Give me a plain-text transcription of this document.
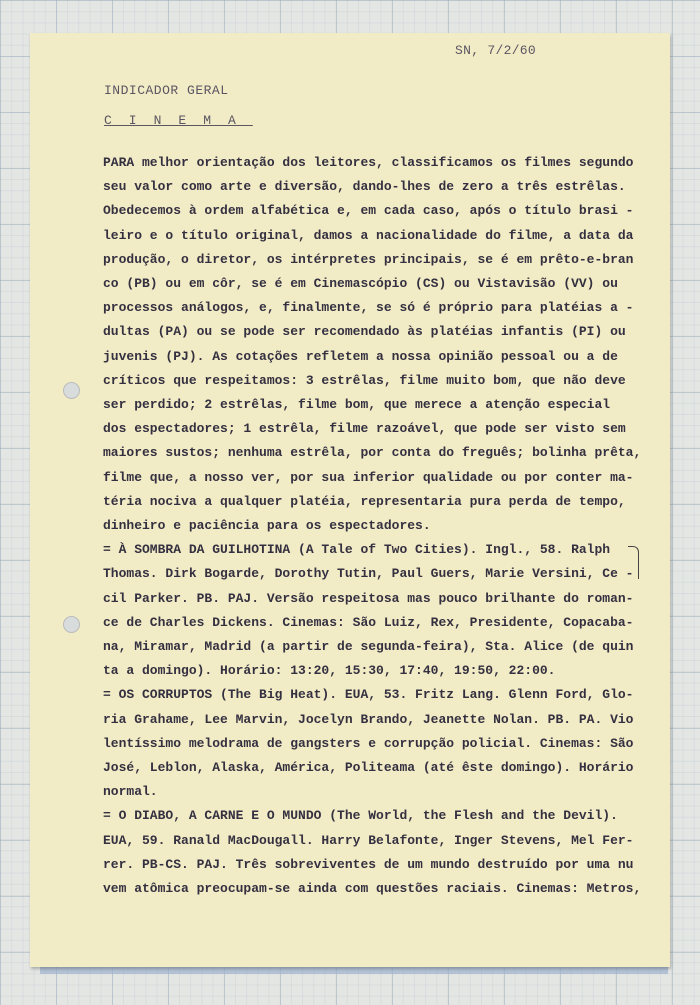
SN, 7/2/60
INDICADOR GERAL
CINEMA
PARA melhor orientação dos leitores, classificamos os filmes segundo
seu valor como arte e diversão, dando-lhes de zero a três estrêlas.
Obedecemos à ordem alfabética e, em cada caso, após o título brasi -
leiro e o título original, damos a nacionalidade do filme, a data da
produção, o diretor, os intérpretes principais, se é em prêto-e-bran
co (PB) ou em côr, se é em Cinemascópio (CS) ou Vistavisão (VV) ou
processos análogos, e, finalmente, se só é próprio para platéias a -
dultas (PA) ou se pode ser recomendado às platéias infantis (PI) ou
juvenis (PJ). As cotações refletem a nossa opinião pessoal ou a de
críticos que respeitamos: 3 estrêlas, filme muito bom, que não deve
ser perdido; 2 estrêlas, filme bom, que merece a atenção especial
dos espectadores; 1 estrêla, filme razoável, que pode ser visto sem
maiores sustos; nenhuma estrêla, por conta do freguês; bolinha prêta,
filme que, a nosso ver, por sua inferior qualidade ou por conter ma-
téria nociva a qualquer platéia, representaria pura perda de tempo,
dinheiro e paciência para os espectadores.
= À SOMBRA DA GUILHOTINA (A Tale of Two Cities). Ingl., 58. Ralph
Thomas. Dirk Bogarde, Dorothy Tutin, Paul Guers, Marie Versini, Ce -
cil Parker. PB. PAJ. Versão respeitosa mas pouco brilhante do roman-
ce de Charles Dickens. Cinemas: São Luiz, Rex, Presidente, Copacaba-
na, Miramar, Madrid (a partir de segunda-feira), Sta. Alice (de quin
ta a domingo). Horário: 13:20, 15:30, 17:40, 19:50, 22:00.
= OS CORRUPTOS (The Big Heat). EUA, 53. Fritz Lang. Glenn Ford, Glo-
ria Grahame, Lee Marvin, Jocelyn Brando, Jeanette Nolan. PB. PA. Vio
lentíssimo melodrama de gangsters e corrupção policial. Cinemas: São
José, Leblon, Alaska, América, Politeama (até êste domingo). Horário
normal.
= O DIABO, A CARNE E O MUNDO (The World, the Flesh and the Devil).
EUA, 59. Ranald MacDougall. Harry Belafonte, Inger Stevens, Mel Fer-
rer. PB-CS. PAJ. Três sobreviventes de um mundo destruído por uma nu
vem atômica preocupam-se ainda com questões raciais. Cinemas: Metros,
